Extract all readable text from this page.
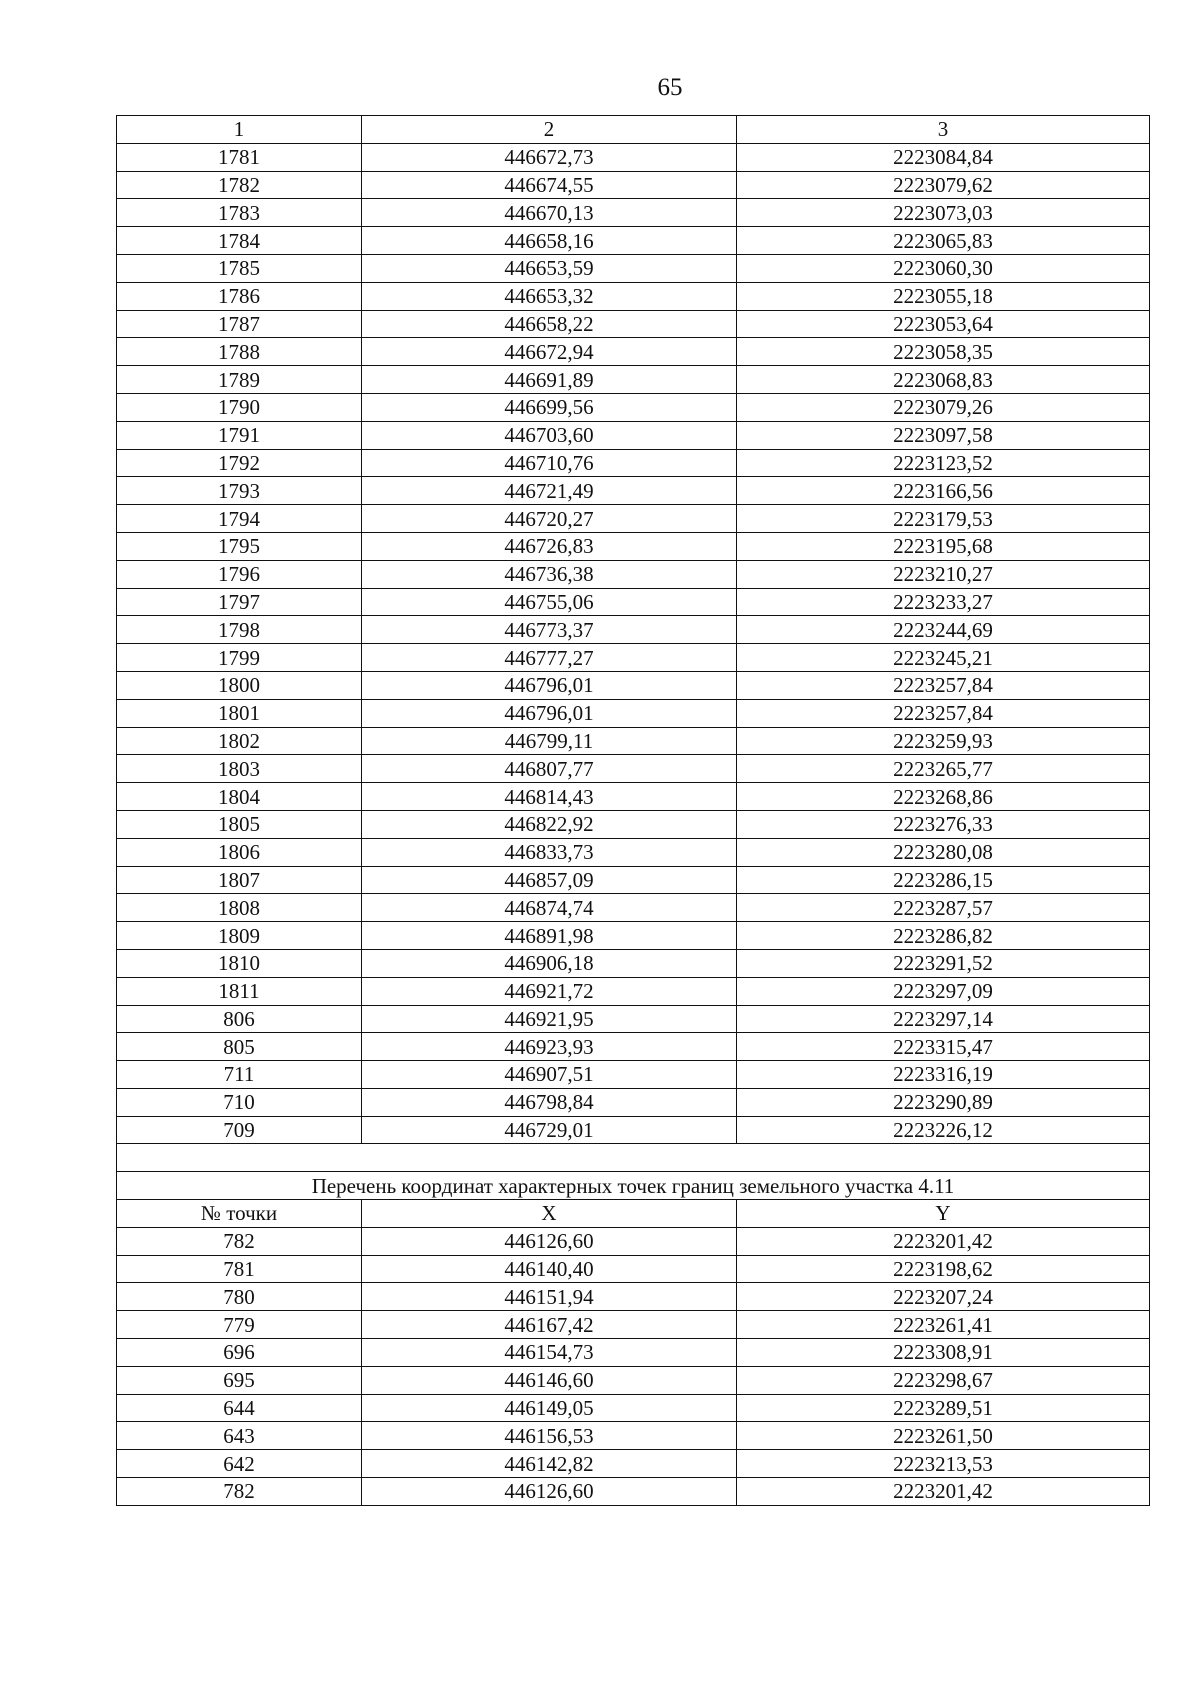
65
1	2	3
1781	446672,73	2223084,84
1782	446674,55	2223079,62
1783	446670,13	2223073,03
1784	446658,16	2223065,83
1785	446653,59	2223060,30
1786	446653,32	2223055,18
1787	446658,22	2223053,64
1788	446672,94	2223058,35
1789	446691,89	2223068,83
1790	446699,56	2223079,26
1791	446703,60	2223097,58
1792	446710,76	2223123,52
1793	446721,49	2223166,56
1794	446720,27	2223179,53
1795	446726,83	2223195,68
1796	446736,38	2223210,27
1797	446755,06	2223233,27
1798	446773,37	2223244,69
1799	446777,27	2223245,21
1800	446796,01	2223257,84
1801	446796,01	2223257,84
1802	446799,11	2223259,93
1803	446807,77	2223265,77
1804	446814,43	2223268,86
1805	446822,92	2223276,33
1806	446833,73	2223280,08
1807	446857,09	2223286,15
1808	446874,74	2223287,57
1809	446891,98	2223286,82
1810	446906,18	2223291,52
1811	446921,72	2223297,09
806	446921,95	2223297,14
805	446923,93	2223315,47
711	446907,51	2223316,19
710	446798,84	2223290,89
709	446729,01	2223226,12

Перечень координат характерных точек границ земельного участка 4.11		
№ точки	X	Y
782	446126,60	2223201,42
781	446140,40	2223198,62
780	446151,94	2223207,24
779	446167,42	2223261,41
696	446154,73	2223308,91
695	446146,60	2223298,67
644	446149,05	2223289,51
643	446156,53	2223261,50
642	446142,82	2223213,53
782	446126,60	2223201,42
